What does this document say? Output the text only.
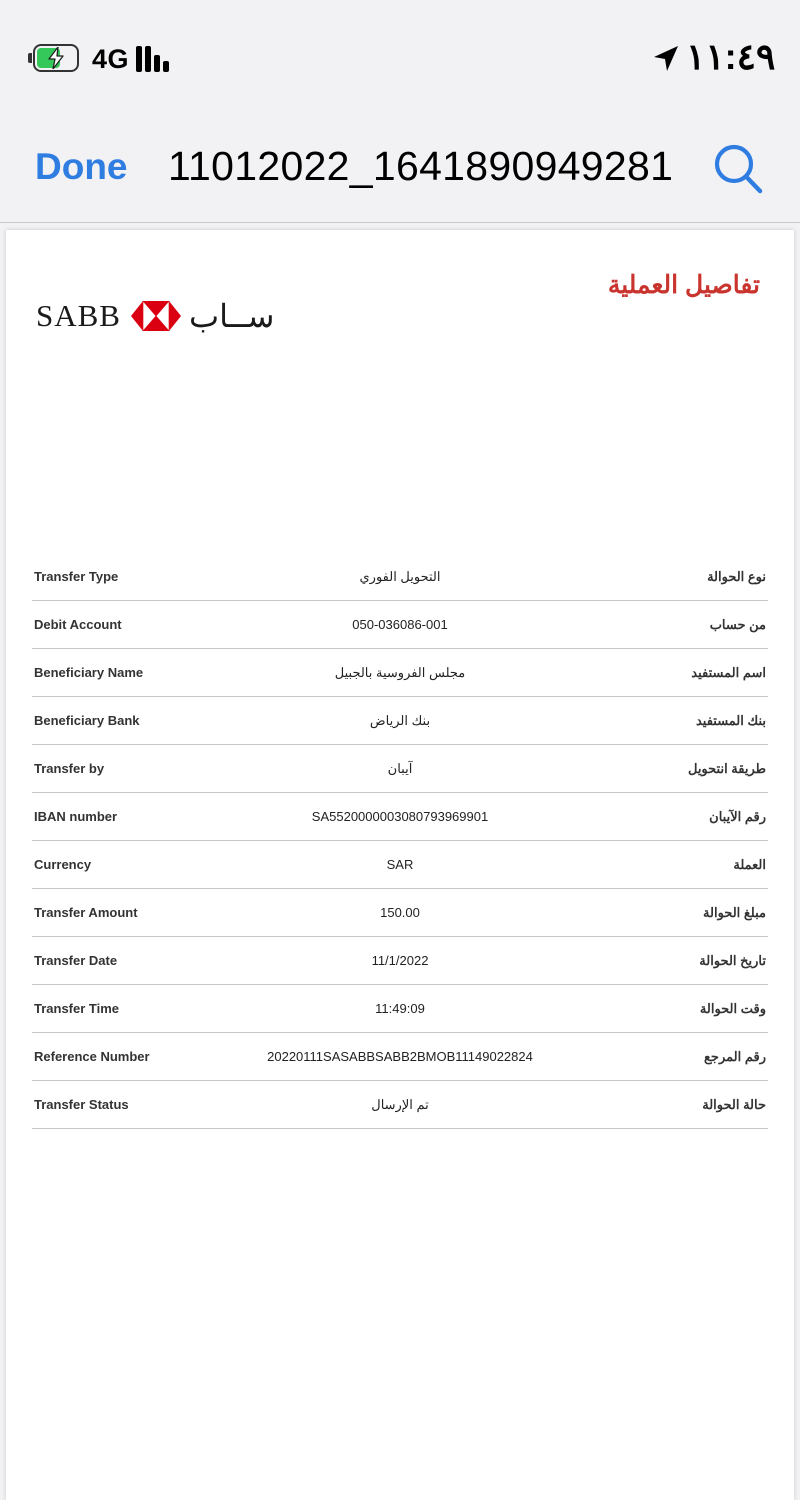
4G	١١:٤٩
Done 11012022_1641890949281
تفاصيل العملية
SABB ســاب
Transfer Type	التحويل الفوري	نوع الحوالة
Debit Account	050-036086-001	من حساب
Beneficiary Name	مجلس الفروسية بالجبيل	اسم المستفيد
Beneficiary Bank	بنك الرياض	بنك المستفيد
Transfer by	آيبان	طريقة انتحويل
IBAN number	SA5520000003080793969901	رقم الآيبان
Currency	SAR	العملة
Transfer Amount	150.00	مبلغ الحوالة
Transfer Date	11/1/2022	تاريخ الحوالة
Transfer Time	11:49:09	وقت الحوالة
Reference Number	20220111SASABBSABB2BMOB11149022824	رقم المرجع
Transfer Status	تم الإرسال	حالة الحوالة
